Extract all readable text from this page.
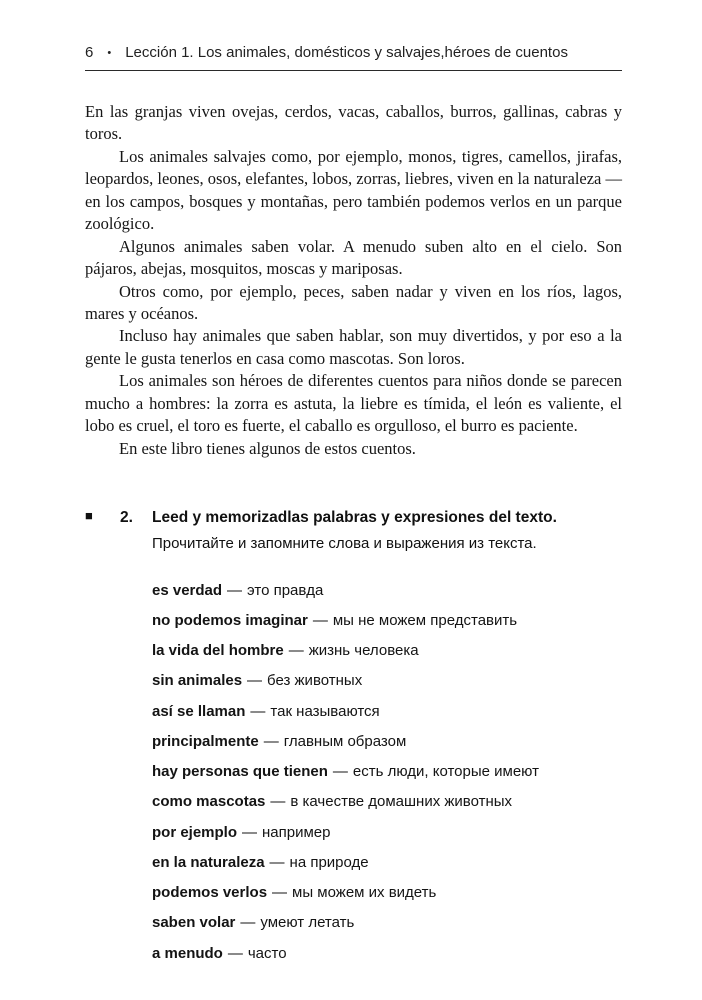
6 • Lección 1. Los animales, domésticos y salvajes,héroes de cuentos

En las granjas viven ovejas, cerdos, vacas, caballos, burros, gallinas, cabras y toros.

Los animales salvajes como, por ejemplo, monos, tigres, camellos, jirafas, leopardos, leones, osos, elefantes, lobos, zorras, liebres, viven en la naturaleza — en los campos, bosques y montañas, pero también podemos verlos en un parque zoológico.

Algunos animales saben volar. A menudo suben alto en el cielo. Son pájaros, abejas, mosquitos, moscas y mariposas.

Otros como, por ejemplo, peces, saben nadar y viven en los ríos, lagos, mares y océanos.

Incluso hay animales que saben hablar, son muy divertidos, y por eso a la gente le gusta tenerlos en casa como mascotas. Son loros.

Los animales son héroes de diferentes cuentos para niños donde se parecen mucho a hombres: la zorra es astuta, la liebre es tímida, el león es valiente, el lobo es cruel, el toro es fuerte, el caballo es orgulloso, el burro es paciente.

En este libro tienes algunos de estos cuentos.

■	2.	Leed y memorizadlas palabras y expresiones del texto.
Прочитайте и запомните слова и выражения из текста.

es verdad — это правда

no podemos imaginar — мы не можем представить

la vida del hombre — жизнь человека

sin animales — без животных

así se llaman — так называются

principalmente — главным образом

hay personas que tienen — есть люди, которые имеют

como mascotas — в качестве домашних животных

por ejemplo — например

en la naturaleza — на природе

podemos verlos — мы можем их видеть

saben volar — умеют летать

a menudo — часто
